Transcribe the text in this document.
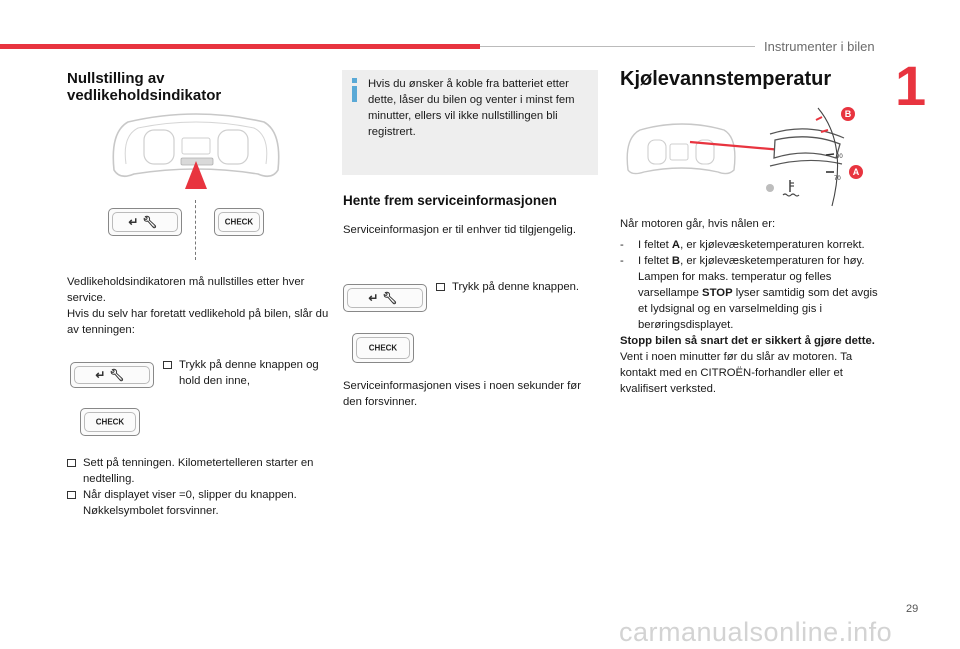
Instrumenter i bilen
1
Nullstilling av vedlikeholdsindikator
↵🔧︎	CHECK
Vedlikeholdsindikatoren må nullstilles etter hver service.
Hvis du selv har foretatt vedlikehold på bilen, slår du av tenningen:
↵🔧︎
Trykk på denne knappen og hold den inne,
CHECK
Sett på tenningen. Kilometertelleren starter en nedtelling.
Når displayet viser =0, slipper du knappen. Nøkkelsymbolet forsvinner.
Hvis du ønsker å koble fra batteriet etter dette, låser du bilen og venter i minst fem minutter, ellers vil ikke nullstillingen bli registrert.
Hente frem serviceinformasjonen
Serviceinformasjon er til enhver tid tilgjengelig.
↵🔧︎
Trykk på denne knappen.
CHECK
Serviceinformasjonen vises i noen sekunder før den forsvinner.
Kjølevannstemperatur
B
A
90
70
Når motoren går, hvis nålen er:
- I feltet A, er kjølevæsketemperaturen korrekt.
- I feltet B, er kjølevæsketemperaturen for høy. Lampen for maks. temperatur og felles varsellampe STOP lyser samtidig som det avgis et lydsignal og en varselmelding gis i berøringsdisplayet.
Stopp bilen så snart det er sikkert å gjøre dette.
Vent i noen minutter før du slår av motoren. Ta kontakt med en CITROËN-forhandler eller et kvalifisert verksted.
29
carmanualsonline.info
